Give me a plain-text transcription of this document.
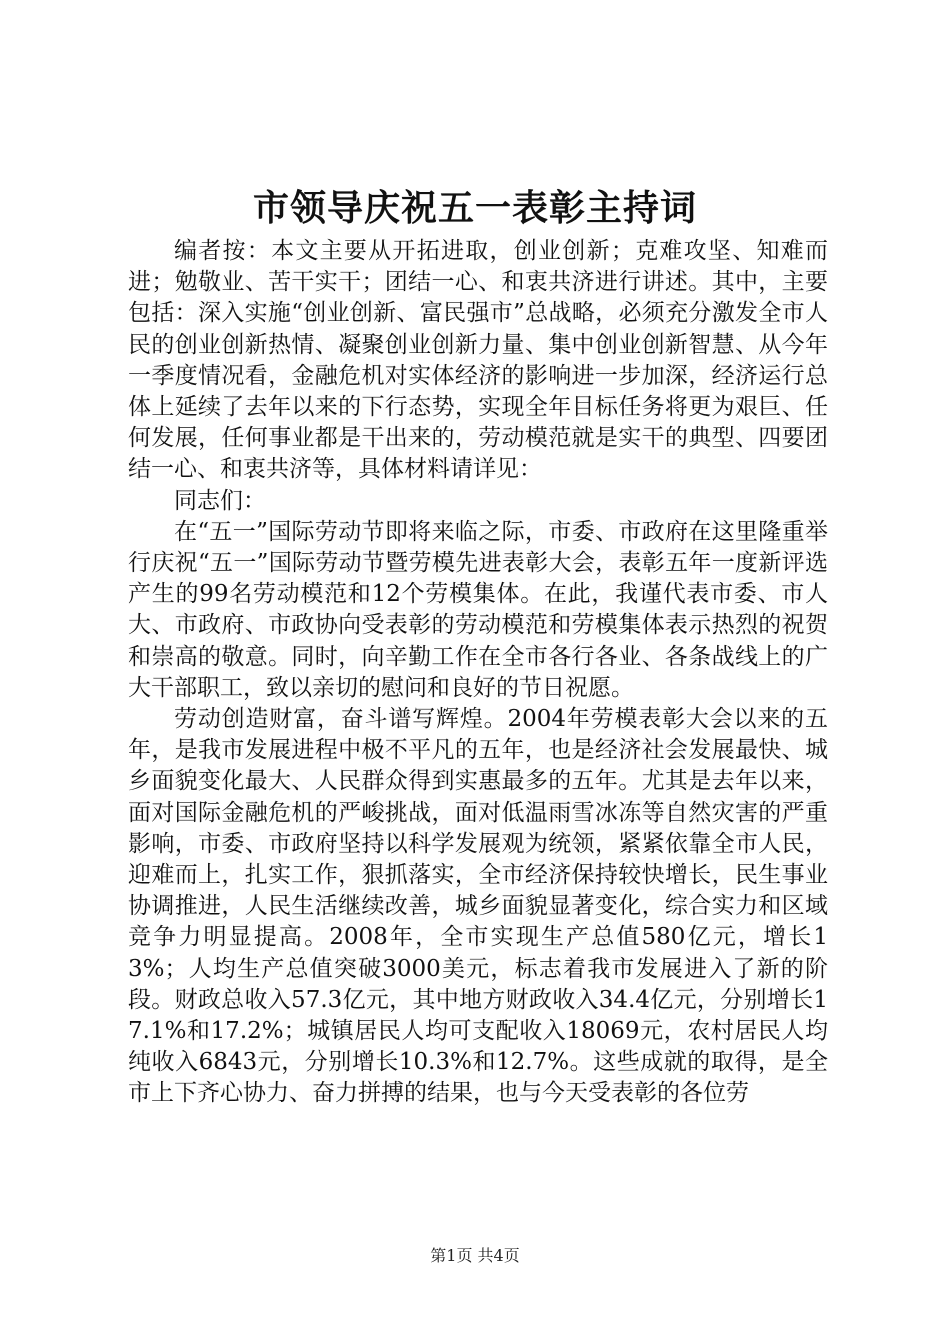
市领导庆祝五一表彰主持词

编者按：本文主要从开拓进取，创业创新；克难攻坚、知难而进；勉敬业、苦干实干；团结一心、和衷共济进行讲述。其中，主要包括：深入实施“创业创新、富民强市”总战略，必须充分激发全市人民的创业创新热情、凝聚创业创新力量、集中创业创新智慧、从今年一季度情况看，金融危机对实体经济的影响进一步加深，经济运行总体上延续了去年以来的下行态势，实现全年目标任务将更为艰巨、任何发展，任何事业都是干出来的，劳动模范就是实干的典型、四要团结一心、和衷共济等，具体材料请详见：

同志们：

在“五一”国际劳动节即将来临之际，市委、市政府在这里隆重举行庆祝“五一”国际劳动节暨劳模先进表彰大会，表彰五年一度新评选产生的99名劳动模范和12个劳模集体。在此，我谨代表市委、市人大、市政府、市政协向受表彰的劳动模范和劳模集体表示热烈的祝贺和崇高的敬意。同时，向辛勤工作在全市各行各业、各条战线上的广大干部职工，致以亲切的慰问和良好的节日祝愿。

劳动创造财富，奋斗谱写辉煌。2004年劳模表彰大会以来的五年，是我市发展进程中极不平凡的五年，也是经济社会发展最快、城乡面貌变化最大、人民群众得到实惠最多的五年。尤其是去年以来，面对国际金融危机的严峻挑战，面对低温雨雪冰冻等自然灾害的严重影响，市委、市政府坚持以科学发展观为统领，紧紧依靠全市人民，迎难而上，扎实工作，狠抓落实，全市经济保持较快增长，民生事业协调推进，人民生活继续改善，城乡面貌显著变化，综合实力和区域竞争力明显提高。2008年，全市实现生产总值580亿元，增长13%；人均生产总值突破3000美元，标志着我市发展进入了新的阶段。财政总收入57.3亿元，其中地方财政收入34.4亿元，分别增长17.1%和17.2%；城镇居民人均可支配收入18069元，农村居民人均纯收入6843元，分别增长10.3%和12.7%。这些成就的取得，是全市上下齐心协力、奋力拼搏的结果，也与今天受表彰的各位劳

第1页 共4页
